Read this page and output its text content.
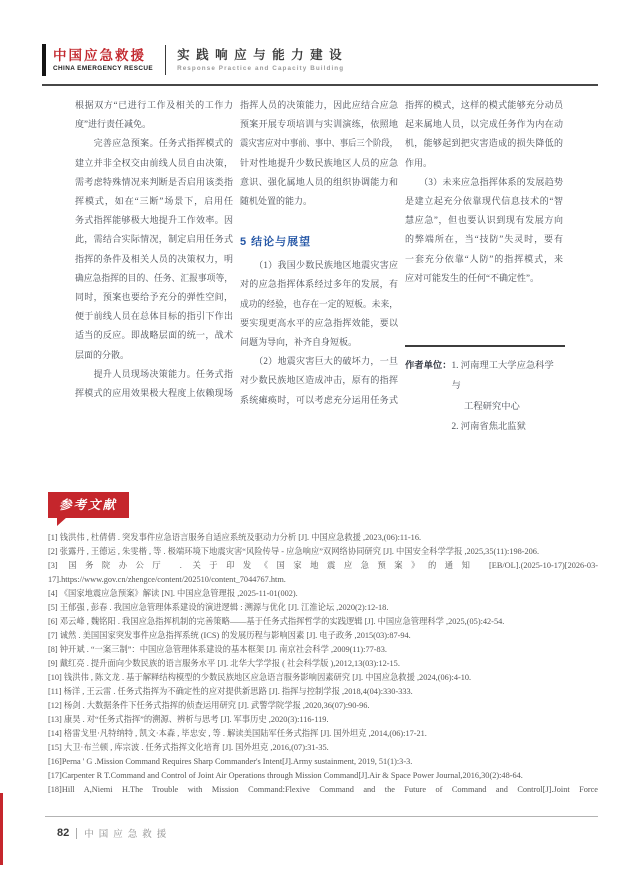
中国应急救援
CHINA EMERGENCY RESCUE
实践响应与能力建设
Response Practice and Capacity Building
根据双方“已进行工作及相关的工作力
度”进行责任减免。
　　完善应急预案。任务式指挥模式的
建立并非全权交由前线人员自由决策，
需考虑特殊情况来判断是否启用该类指
挥模式，如在“三断”场景下，启用任
务式指挥能够极大地提升工作效率。因
此，需结合实际情况，制定启用任务式
指挥的条件及相关人员的决策权力，明
确应急指挥的目的、任务、汇报事项等，
同时，预案也要给予充分的弹性空间，
便于前线人员在总体目标的指引下作出
适当的反应。即战略层面的统一，战术
层面的分散。
　　提升人员现场决策能力。任务式指
挥模式的应用效果极大程度上依赖现场
指挥人员的决策能力，因此应结合应急
预案开展专项培训与实训演练，依照地
震灾害应对中事前、事中、事后三个阶段，
针对性地提升少数民族地区人员的应急
意识、强化属地人员的组织协调能力和
随机处置的能力。
5 结论与展望
　　（1）我国少数民族地区地震灾害应
对的应急指挥体系经过多年的发展，有
成功的经验，也存在一定的短板。未来，
要实现更高水平的应急指挥效能，要以
问题为导向，补齐自身短板。
　　（2）地震灾害巨大的破坏力，一旦
对少数民族地区造成冲击，原有的指挥
系统瘫痪时，可以考虑充分运用任务式
指挥的模式，这样的模式能够充分动员
起来属地人员，以完成任务作为内在动
机，能够起到把灾害造成的损失降低的
作用。
　　（3）未来应急指挥体系的发展趋势
是建立起充分依靠现代信息技术的“智
慧应急”，但也要认识到现有发展方向
的弊端所在，当“技防”失灵时，要有
一套充分依靠“人防”的指挥模式，来
应对可能发生的任何“不确定性”。
作者单位： 1. 河南理工大学应急科学与
工程研究中心
2. 河南省焦北监狱
参考文献
[1] 钱洪伟 , 杜倩倩 . 突发事件应急语言服务自适应系统及驱动力分析 [J]. 中国应急救援 ,2023,(06):11-16.
[2] 张露丹 , 王德运 , 朱雯楷 , 等 . 极端环境下地震灾害“风险传导 - 应急响应”双网络协同研究 [J]. 中国安全科学学报 ,2025,35(11):198-206.
[3] 国务院办公厅 . 关于印发《国家地震应急预案》的通知 [EB/OL].(2025-10-17)[2026-03-17].https://www.gov.cn/zhengce/content/202510/content_7044767.htm.
[4] 《国家地震应急预案》解读 [N]. 中国应急管理报 ,2025-11-01(002).
[5] 王郁强 , 彭春 . 我国应急管理体系建设的演进逻辑 : 溯源与优化 [J]. 江淮论坛 ,2020(2):12-18.
[6] 邓云峰 , 魏铭阳 . 我国应急指挥机制的完善策略——基于任务式指挥哲学的实践逻辑 [J]. 中国应急管理科学 ,2025,(05):42-54.
[7] 诚然 . 美国国家突发事件应急指挥系统 (ICS) 的发展历程与影响因素 [J]. 电子政务 ,2015(03):87-94.
[8] 钟开斌 . “一案三制”：中国应急管理体系建设的基本框架 [J]. 南京社会科学 ,2009(11):77-83.
[9] 戴红亮 . 提升面向少数民族的语言服务水平 [J]. 北华大学学报 ( 社会科学版 ),2012,13(03):12-15.
[10] 钱洪伟 , 陈文龙 . 基于解释结构模型的少数民族地区应急语言服务影响因素研究 [J]. 中国应急救援 ,2024,(06):4-10.
[11] 杨洋 , 王云雷 . 任务式指挥为不确定性的应对提供新思路 [J]. 指挥与控制学报 ,2018,4(04):330-333.
[12] 杨剑 . 大数据条件下任务式指挥的侦查运用研究 [J]. 武警学院学报 ,2020,36(07):90-96.
[13] 康昊 . 对“任务式指挥”的溯源、辨析与思考 [J]. 军事历史 ,2020(3):116-119.
[14] 格雷戈里·凡特纳特 , 凯文·本森 , 毕忠安 , 等 . 解读美国陆军任务式指挥 [J]. 国外坦克 ,2014,(06):17-21.
[15] 大卫·布兰顿 , 库宗波 . 任务式指挥文化培育 [J]. 国外坦克 ,2016,(07):31-35.
[16]Perna ' G .Mission Command Requires Sharp Commander's Intent[J].Army sustainment, 2019, 51(1):3-3.
[17]Carpenter R T.Command and Control of Joint Air Operations through Mission Command[J].Air & Space Power Journal,2016,30(2):48-64.
[18]Hill A,Niemi H.The Trouble with Mission Command:Flexive Command and the Future of Command and Control[J].Joint Force
82 中国应急救援
